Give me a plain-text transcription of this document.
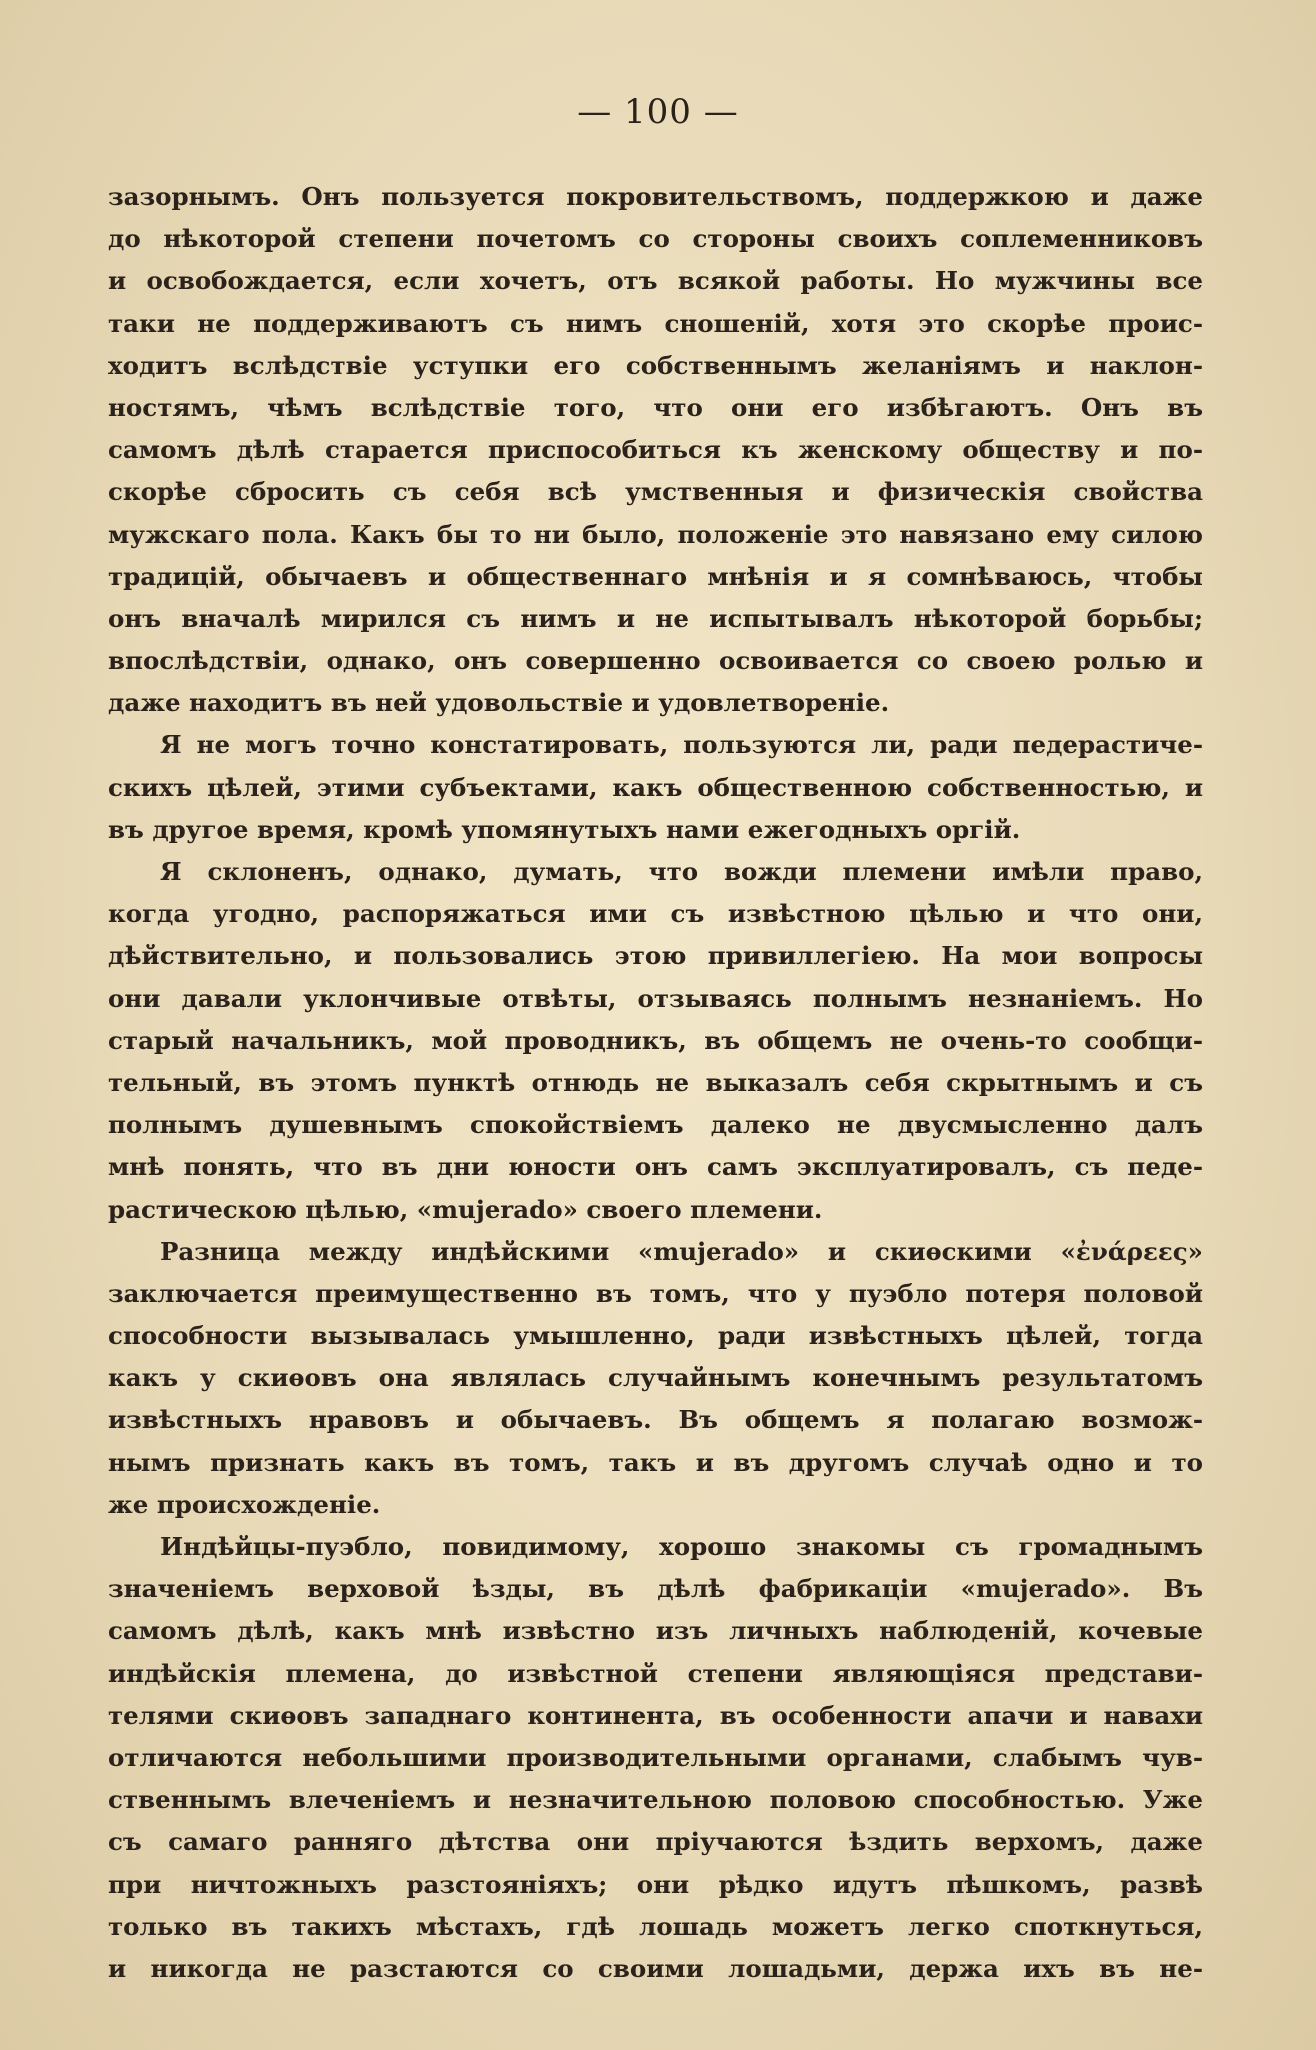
— 100 —
зазорнымъ. Онъ пользуется покровительствомъ, поддержкою и даже
до нѣкоторой степени почетомъ со стороны своихъ соплеменниковъ
и освобождается, если хочетъ, отъ всякой работы. Но мужчины все
таки не поддерживаютъ съ нимъ сношенiй, хотя это скорѣе проис-
ходитъ вслѣдствiе уступки его собственнымъ желанiямъ и наклон-
ностямъ, чѣмъ вслѣдствiе того, что они его избѣгаютъ. Онъ въ
самомъ дѣлѣ старается приспособиться къ женскому обществу и по-
скорѣе сбросить съ себя всѣ умственныя и физическiя свойства
мужскаго пола. Какъ бы то ни было, положенiе это навязано ему силою
традицiй, обычаевъ и общественнаго мнѣнiя и я сомнѣваюсь, чтобы
онъ вначалѣ мирился съ нимъ и не испытывалъ нѣкоторой борьбы;
впослѣдствiи, однако, онъ совершенно освоивается со своею ролью и
даже находитъ въ ней удовольствiе и удовлетворенiе.
Я не могъ точно констатировать, пользуются ли, ради педерастиче-
скихъ цѣлей, этими субъектами, какъ общественною собственностью, и
въ другое время, кромѣ упомянутыхъ нами ежегодныхъ оргiй.
Я склоненъ, однако, думать, что вожди племени имѣли право,
когда угодно, распоряжаться ими съ извѣстною цѣлью и что они,
дѣйствительно, и пользовались этою привиллегiею. На мои вопросы
они давали уклончивые отвѣты, отзываясь полнымъ незнанiемъ. Но
старый начальникъ, мой проводникъ, въ общемъ не очень-то сообщи-
тельный, въ этомъ пунктѣ отнюдь не выказалъ себя скрытнымъ и съ
полнымъ душевнымъ спокойствiемъ далеко не двусмысленно далъ
мнѣ понять, что въ дни юности онъ самъ эксплуатировалъ, съ педе-
растическою цѣлью, «mujerado» своего племени.
Разница между индѣйскими «mujerado» и скиѳскими «ἐνάρεες»
заключается преимущественно въ томъ, что у пуэбло потеря половой
способности вызывалась умышленно, ради извѣстныхъ цѣлей, тогда
какъ у скиѳовъ она являлась случайнымъ конечнымъ результатомъ
извѣстныхъ нравовъ и обычаевъ. Въ общемъ я полагаю возмож-
нымъ признать какъ въ томъ, такъ и въ другомъ случаѣ одно и то
же происхожденiе.
Индѣйцы-пуэбло, повидимому, хорошо знакомы съ громаднымъ
значенiемъ верховой ѣзды, въ дѣлѣ фабрикацiи «mujerado». Въ
самомъ дѣлѣ, какъ мнѣ извѣстно изъ личныхъ наблюденiй, кочевые
индѣйскiя племена, до извѣстной степени являющiяся представи-
телями скиѳовъ западнаго континента, въ особенности апачи и навахи
отличаются небольшими производительными органами, слабымъ чув-
ственнымъ влеченiемъ и незначительною половою способностью. Уже
съ самаго ранняго дѣтства они прiучаются ѣздить верхомъ, даже
при ничтожныхъ разстоянiяхъ; они рѣдко идутъ пѣшкомъ, развѣ
только въ такихъ мѣстахъ, гдѣ лошадь можетъ легко споткнуться,
и никогда не разстаются со своими лошадьми, держа ихъ въ не-
